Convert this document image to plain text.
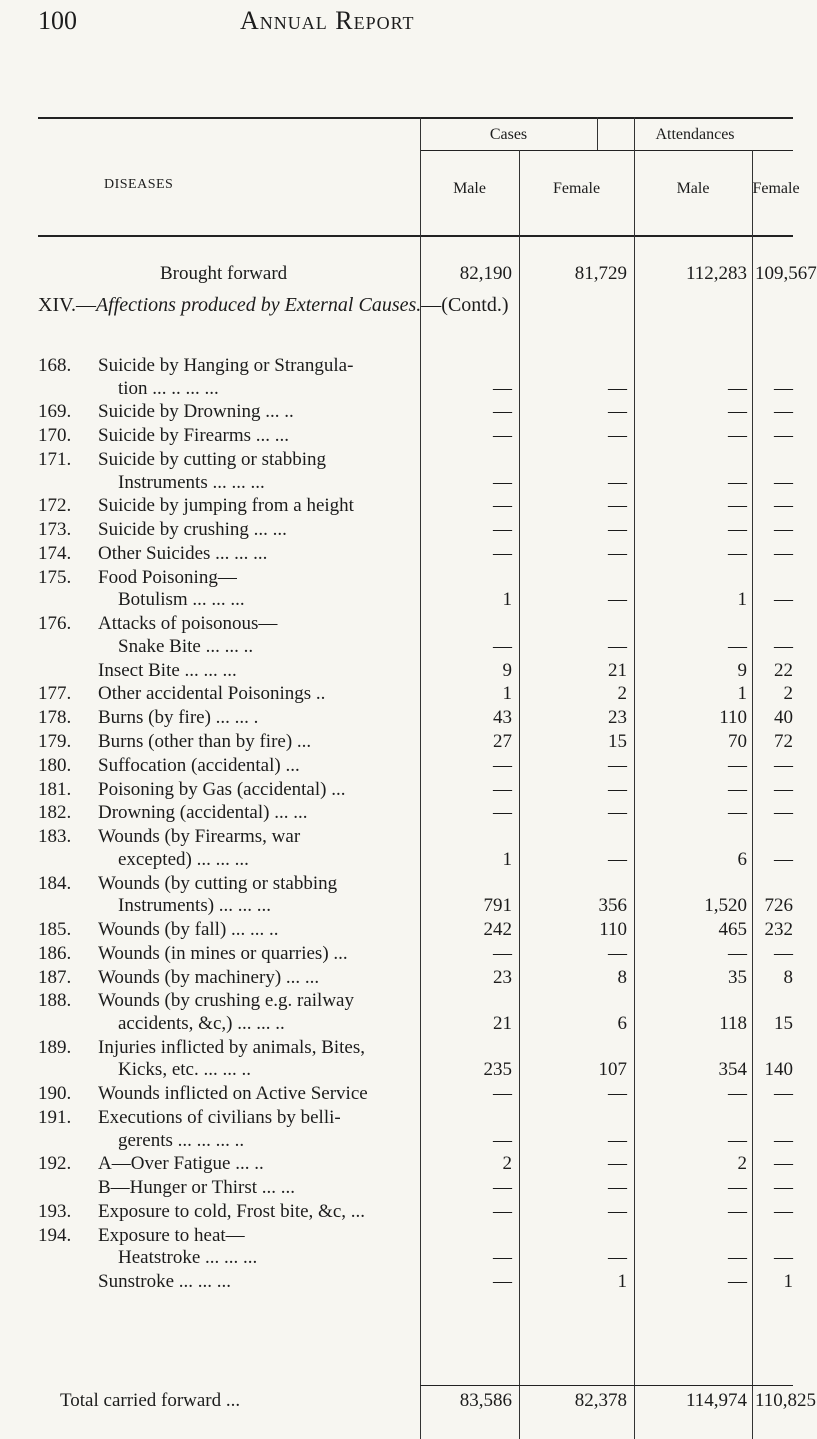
100	Annual Report
DISEASES
Cases	Attendances
Male	Female	Male	Female
Brought forward	82,190	81,729	112,283 109,567
XIV.—Affections produced by External Causes.—(Contd.)
168.	Suicide by Hanging or Strangula-
tion ... .. ... ...	—	—	—	—
169.	Suicide by Drowning ... ..	—	—	—	—
170.	Suicide by Firearms ... ...	—	—	—	—
171.	Suicide by cutting or stabbing
Instruments ... ... ...	—	—	—	—
172.	Suicide by jumping from a height	—	—	—	—
173.	Suicide by crushing ... ...	—	—	—	—
174.	Other Suicides ... ... ...	—	—	—	—
175.	Food Poisoning—
Botulism ... ... ...	1	—	1	—
176.	Attacks of poisonous—
Snake Bite ... ... ..	—	—	—	—
Insect Bite ... ... ...	9	21	9	22
177.	Other accidental Poisonings ..	1	2	1	2
178.	Burns (by fire) ... ... .	43	23	110	40
179.	Burns (other than by fire) ...	27	15	70	72
180.	Suffocation (accidental) ...	—	—	—	—
181.	Poisoning by Gas (accidental) ...	—	—	—	—
182.	Drowning (accidental) ... ...	—	—	—	—
183.	Wounds (by Firearms, war
excepted) ... ... ...	1	—	6	—
184.	Wounds (by cutting or stabbing
Instruments) ... ... ...	791	356	1,520 726
185.	Wounds (by fall) ... ... ..	242	110	465 232
186.	Wounds (in mines or quarries) ...	—	—	—	—
187.	Wounds (by machinery) ... ...	23	8	35	8
188.	Wounds (by crushing e.g. railway
accidents, &c,) ... ... ..	21	6	118	15
189.	Injuries inflicted by animals, Bites,
Kicks, etc. ... ... ..	235	107	354 140
190.	Wounds inflicted on Active Service	—	—	—	—
191.	Executions of civilians by belli-
gerents ... ... ... ..	—	—	—	—
192.	A—Over Fatigue ... ..	2	—	2	—
B—Hunger or Thirst ... ...	—	—	—	—
193.	Exposure to cold, Frost bite, &c, ...	—	—	—	—
194.	Exposure to heat—
Heatstroke ... ... ...	—	—	—	—
Sunstroke ... ... ...	—	1	—	1
Total carried forward ...	83,586	82,378	114,974 110,825
